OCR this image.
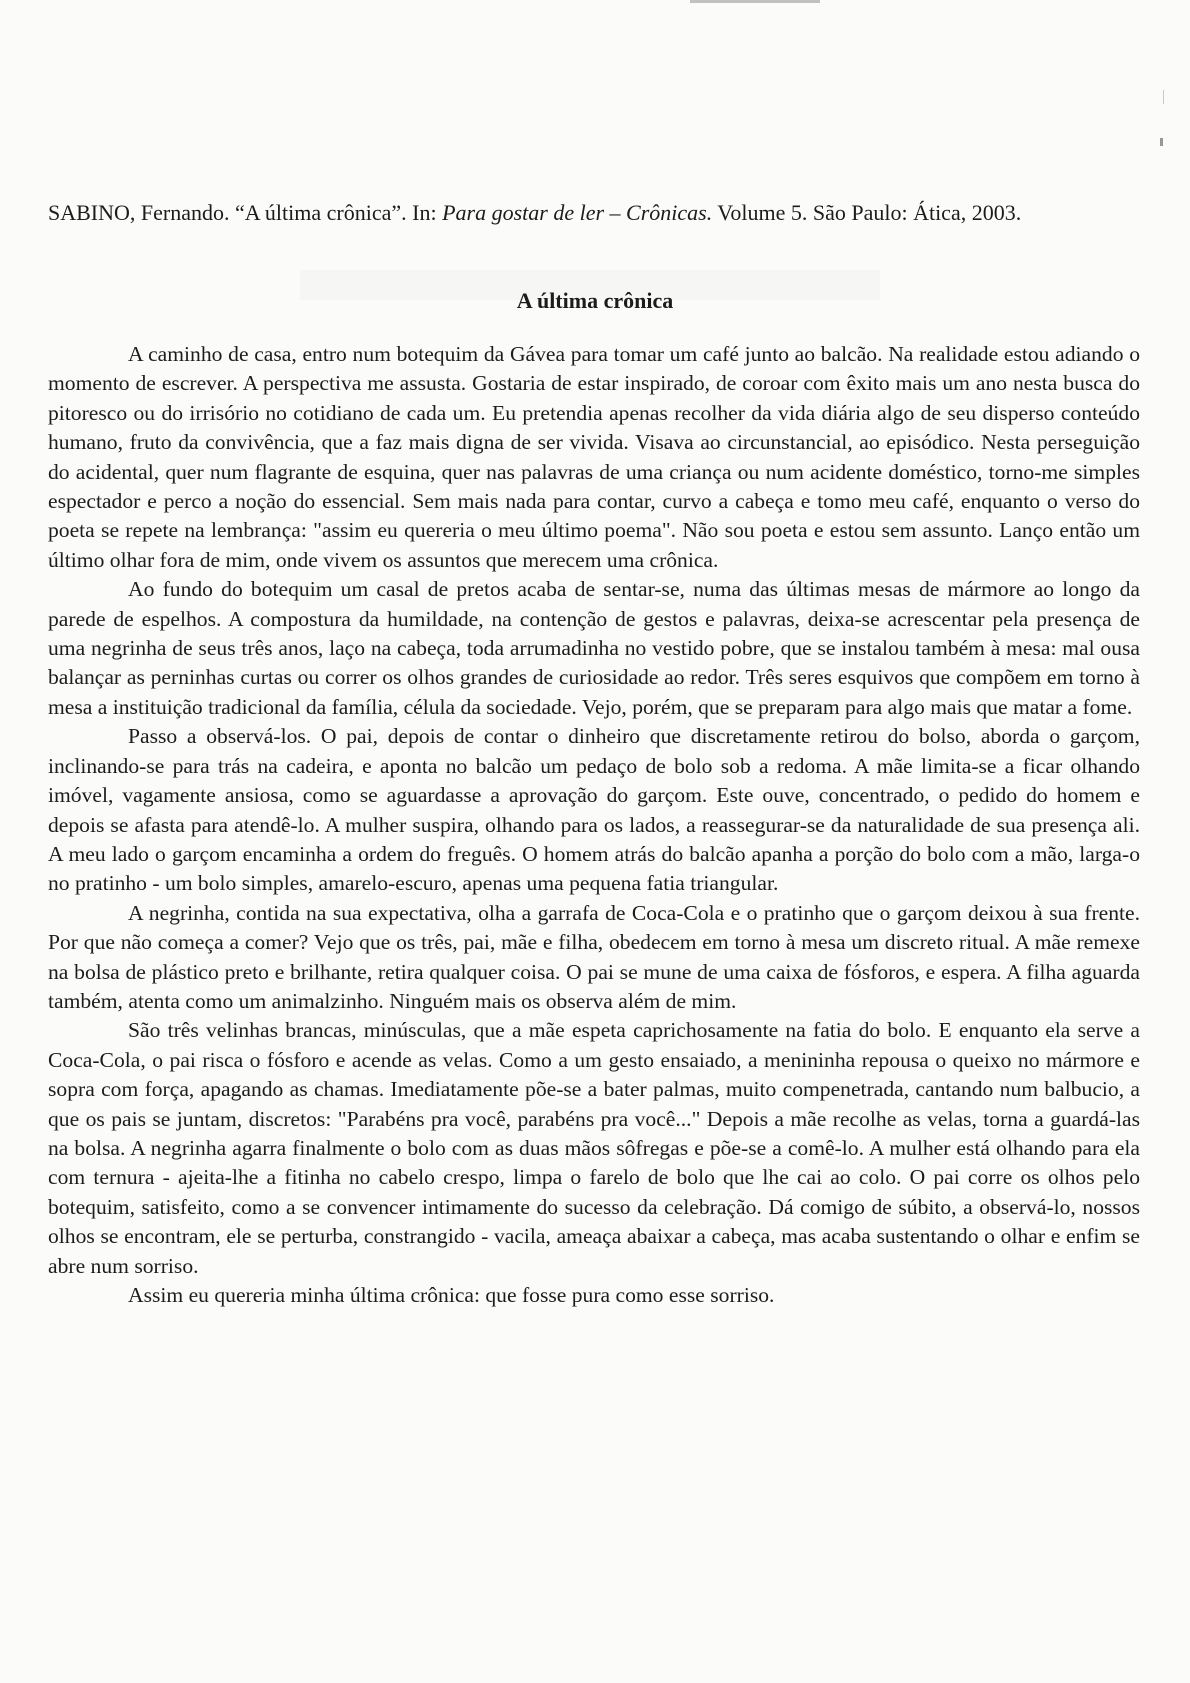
SABINO, Fernando. “A última crônica”. In: Para gostar de ler – Crônicas. Volume 5. São Paulo: Ática, 2003.

A última crônica

A caminho de casa, entro num botequim da Gávea para tomar um café junto ao balcão. Na realidade estou adiando o momento de escrever. A perspectiva me assusta. Gostaria de estar inspirado, de coroar com êxito mais um ano nesta busca do pitoresco ou do irrisório no cotidiano de cada um. Eu pretendia apenas recolher da vida diária algo de seu disperso conteúdo humano, fruto da convivência, que a faz mais digna de ser vivida. Visava ao circunstancial, ao episódico. Nesta perseguição do acidental, quer num flagrante de esquina, quer nas palavras de uma criança ou num acidente doméstico, torno-me simples espectador e perco a noção do essencial. Sem mais nada para contar, curvo a cabeça e tomo meu café, enquanto o verso do poeta se repete na lembrança: "assim eu quereria o meu último poema". Não sou poeta e estou sem assunto. Lanço então um último olhar fora de mim, onde vivem os assuntos que merecem uma crônica.

Ao fundo do botequim um casal de pretos acaba de sentar-se, numa das últimas mesas de mármore ao longo da parede de espelhos. A compostura da humildade, na contenção de gestos e palavras, deixa-se acrescentar pela presença de uma negrinha de seus três anos, laço na cabeça, toda arrumadinha no vestido pobre, que se instalou também à mesa: mal ousa balançar as perninhas curtas ou correr os olhos grandes de curiosidade ao redor. Três seres esquivos que compõem em torno à mesa a instituição tradicional da família, célula da sociedade. Vejo, porém, que se preparam para algo mais que matar a fome.

Passo a observá-los. O pai, depois de contar o dinheiro que discretamente retirou do bolso, aborda o garçom, inclinando-se para trás na cadeira, e aponta no balcão um pedaço de bolo sob a redoma. A mãe limita-se a ficar olhando imóvel, vagamente ansiosa, como se aguardasse a aprovação do garçom. Este ouve, concentrado, o pedido do homem e depois se afasta para atendê-lo. A mulher suspira, olhando para os lados, a reassegurar-se da naturalidade de sua presença ali. A meu lado o garçom encaminha a ordem do freguês. O homem atrás do balcão apanha a porção do bolo com a mão, larga-o no pratinho - um bolo simples, amarelo-escuro, apenas uma pequena fatia triangular.

A negrinha, contida na sua expectativa, olha a garrafa de Coca-Cola e o pratinho que o garçom deixou à sua frente. Por que não começa a comer? Vejo que os três, pai, mãe e filha, obedecem em torno à mesa um discreto ritual. A mãe remexe na bolsa de plástico preto e brilhante, retira qualquer coisa. O pai se mune de uma caixa de fósforos, e espera. A filha aguarda também, atenta como um animalzinho. Ninguém mais os observa além de mim.

São três velinhas brancas, minúsculas, que a mãe espeta caprichosamente na fatia do bolo. E enquanto ela serve a Coca-Cola, o pai risca o fósforo e acende as velas. Como a um gesto ensaiado, a menininha repousa o queixo no mármore e sopra com força, apagando as chamas. Imediatamente põe-se a bater palmas, muito compenetrada, cantando num balbucio, a que os pais se juntam, discretos: "Parabéns pra você, parabéns pra você..." Depois a mãe recolhe as velas, torna a guardá-las na bolsa. A negrinha agarra finalmente o bolo com as duas mãos sôfregas e põe-se a comê-lo. A mulher está olhando para ela com ternura - ajeita-lhe a fitinha no cabelo crespo, limpa o farelo de bolo que lhe cai ao colo. O pai corre os olhos pelo botequim, satisfeito, como a se convencer intimamente do sucesso da celebração. Dá comigo de súbito, a observá-lo, nossos olhos se encontram, ele se perturba, constrangido - vacila, ameaça abaixar a cabeça, mas acaba sustentando o olhar e enfim se abre num sorriso.

Assim eu quereria minha última crônica: que fosse pura como esse sorriso.
